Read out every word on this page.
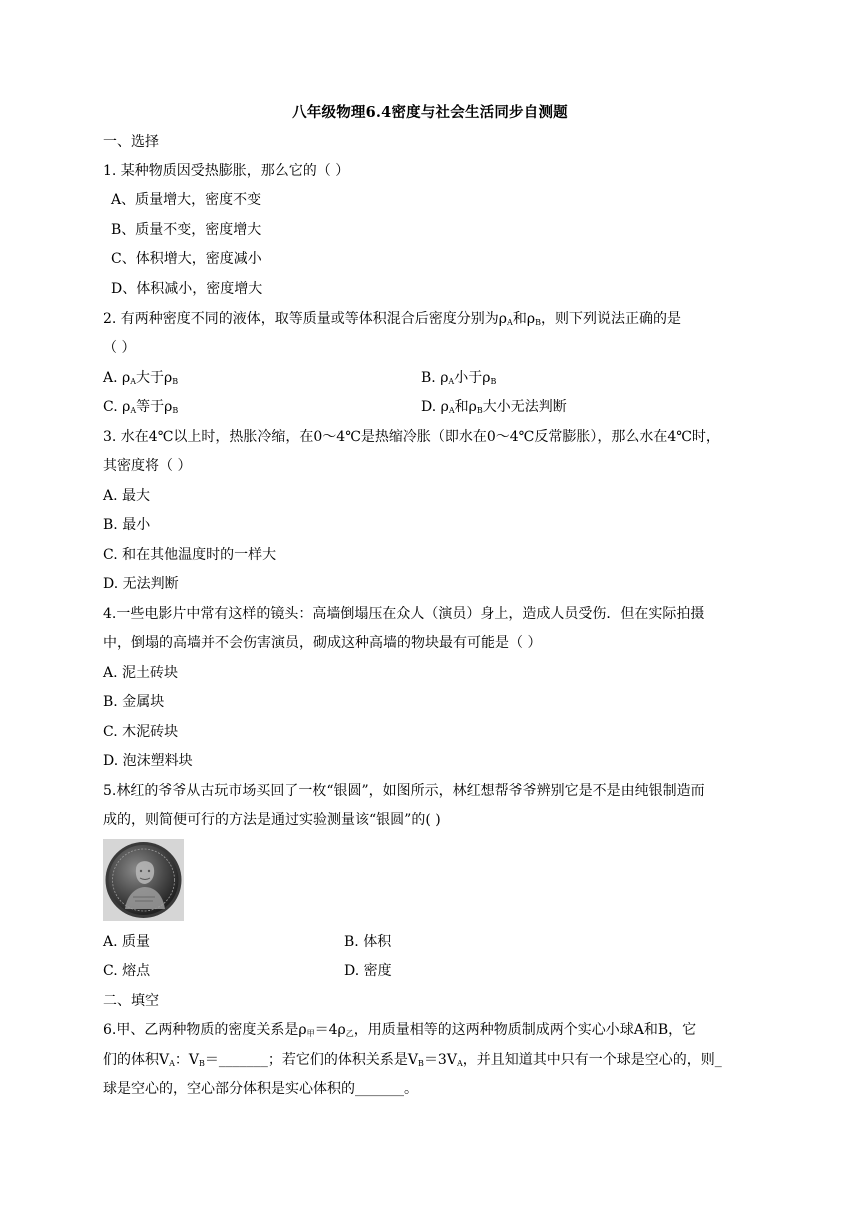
八年级物理6.4密度与社会生活同步自测题
一、选择
1. 某种物质因受热膨胀，那么它的（ ）
A、质量增大，密度不变
B、质量不变，密度增大
C、体积增大，密度减小
D、体积减小，密度增大
2. 有两种密度不同的液体，取等质量或等体积混合后密度分别为$\rho_A$和$\rho_B$，则下列说法正确的是
（ ）
A. $\rho_A$大于$\rho_B$	B. $\rho_A$小于$\rho_B$
C. $\rho_A$等于$\rho_B$	D. $\rho_A$和$\rho_B$大小无法判断
3. 水在4℃以上时，热胀冷缩，在0～4℃是热缩冷胀（即水在0～4℃反常膨胀），那么水在4℃时，
其密度将（ ）
A. 最大
B. 最小
C. 和在其他温度时的一样大
D. 无法判断
4.一些电影片中常有这样的镜头：高墙倒塌压在众人（演员）身上，造成人员受伤．但在实际拍摄
中，倒塌的高墙并不会伤害演员，砌成这种高墙的物块最有可能是（ ）
A. 泥土砖块
B. 金属块
C. 木泥砖块
D. 泡沫塑料块
5.林红的爷爷从古玩市场买回了一枚“银圆”，如图所示，林红想帮爷爷辨别它是不是由纯银制造而
成的，则简便可行的方法是通过实验测量该“银圆”的( )
A. 质量	B. 体积
C. 熔点	D. 密度
二、填空
6.甲、乙两种物质的密度关系是$\rho_甲=4\rho_乙$，用质量相等的这两种物质制成两个实心小球A和B，它
们的体积$V_A$：$V_B=\_\_\_\_\_\_\_$；若它们的体积关系是$V_B=3V_A$，并且知道其中只有一个球是空心的，则_
球是空心的，空心部分体积是实心体积的_______。
